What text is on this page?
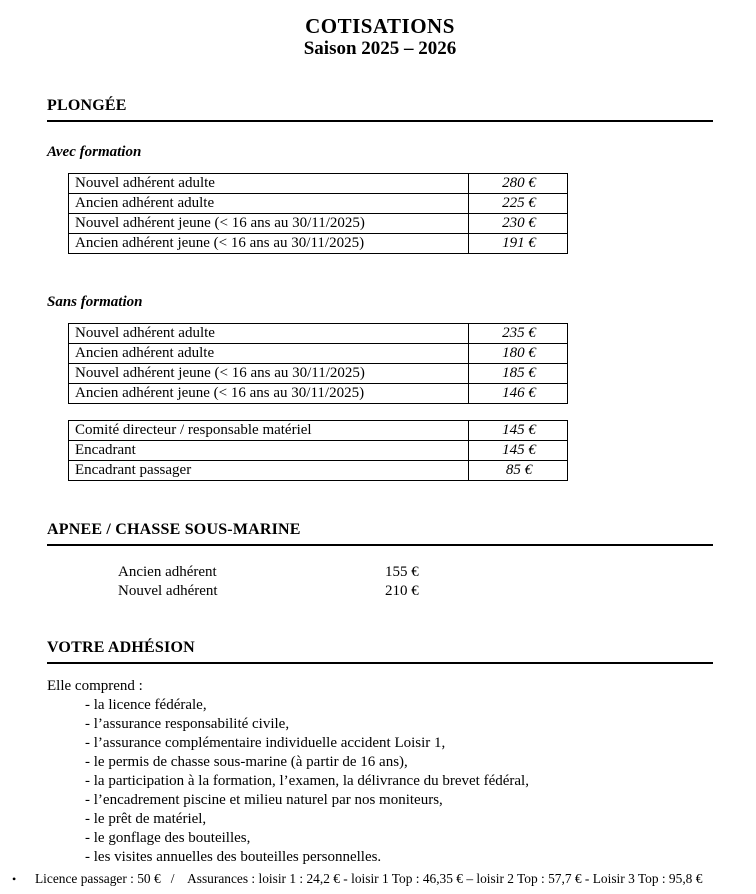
COTISATIONS
Saison 2025 – 2026
PLONGÉE
Avec formation
Nouvel adhérent adulte	280 €
Ancien adhérent adulte	225 €
Nouvel adhérent jeune (< 16 ans au 30/11/2025)	230 €
Ancien adhérent jeune (< 16 ans au 30/11/2025)	191 €
Sans formation
Nouvel adhérent adulte	235 €
Ancien adhérent adulte	180 €
Nouvel adhérent jeune (< 16 ans au 30/11/2025)	185 €
Ancien adhérent jeune (< 16 ans au 30/11/2025)	146 €
Comité directeur / responsable matériel	145 €
Encadrant	145 €
Encadrant passager	85 €
APNEE / CHASSE SOUS-MARINE
Ancien adhérent	155 €
Nouvel adhérent	210 €
VOTRE ADHÉSION
Elle comprend :
- la licence fédérale,
- l’assurance responsabilité civile,
- l’assurance complémentaire individuelle accident Loisir 1,
- le permis de chasse sous-marine (à partir de 16 ans),
- la participation à la formation, l’examen, la délivrance du brevet fédéral,
- l’encadrement piscine et milieu naturel par nos moniteurs,
- le prêt de matériel,
- le gonflage des bouteilles,
- les visites annuelles des bouteilles personnelles.
•	Licence passager : 50 €   /    Assurances : loisir 1 : 24,2 € - loisir 1 Top : 46,35 € – loisir 2 Top : 57,7 € - Loisir 3 Top : 95,8 €
